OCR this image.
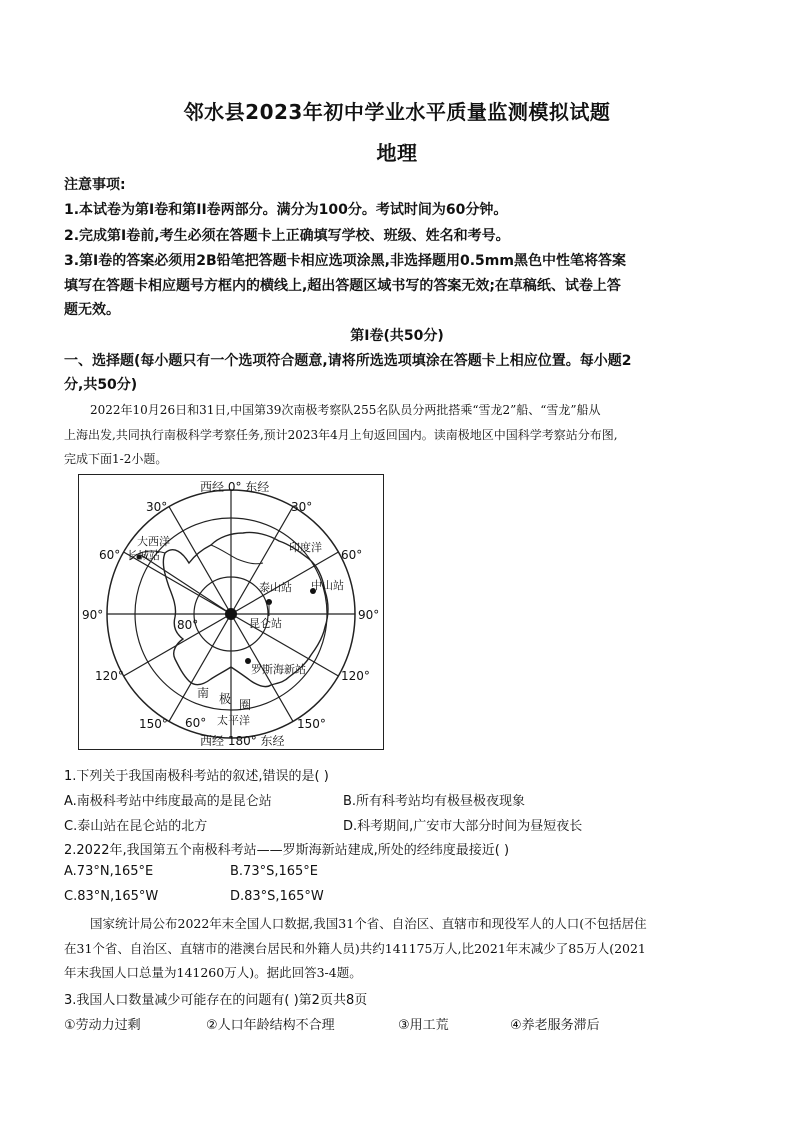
邻水县2023年初中学业水平质量监测模拟试题
地理
注意事项:
1.本试卷为第Ⅰ卷和第II卷两部分。满分为100分。考试时间为60分钟。
2.完成第Ⅰ卷前,考生必须在答题卡上正确填写学校、班级、姓名和考号。
3.第Ⅰ卷的答案必须用2B铅笔把答题卡相应选项涂黑,非选择题用0.5mm黑色中性笔将答案
填写在答题卡相应题号方框内的横线上,超出答题区域书写的答案无效;在草稿纸、试卷上答
题无效。
第Ⅰ卷(共50分)
一、选择题(每小题只有一个选项符合题意,请将所选选项填涂在答题卡上相应位置。每小题2
分,共50分)
2022年10月26日和31日,中国第39次南极考察队255名队员分两批搭乘“雪龙2”船、“雪龙”船从
上海出发,共同执行南极科学考察任务,预计2023年4月上旬返回国内。读南极地区中国科学考察站分布图,
完成下面1-2小题。
西经 0° 东经
西经 180° 东经
30°	30°
60°	60°
90°	90°
120°	120°
150°	150°
80°
60°
大西洋
长城站
印度洋
泰山站 中山站
昆仑站
罗斯海新站
太平洋
南 极 圈
1.下列关于我国南极科考站的叙述,错误的是( )
A.南极科考站中纬度最高的是昆仑站	B.所有科考站均有极昼极夜现象
C.泰山站在昆仑站的北方	D.科考期间,广安市大部分时间为昼短夜长
2.2022年,我国第五个南极科考站——罗斯海新站建成,所处的经纬度最接近( )
A.73°N,165°E	B.73°S,165°E
C.83°N,165°W	D.83°S,165°W
国家统计局公布2022年末全国人口数据,我国31个省、自治区、直辖市和现役军人的人口(不包括居住
在31个省、自治区、直辖市的港澳台居民和外籍人员)共约141175万人,比2021年末减少了85万人(2021
年末我国人口总量为141260万人)。据此回答3-4题。
3.我国人口数量减少可能存在的问题有( )第2页共8页
①劳动力过剩	②人口年龄结构不合理	③用工荒	④养老服务滞后
